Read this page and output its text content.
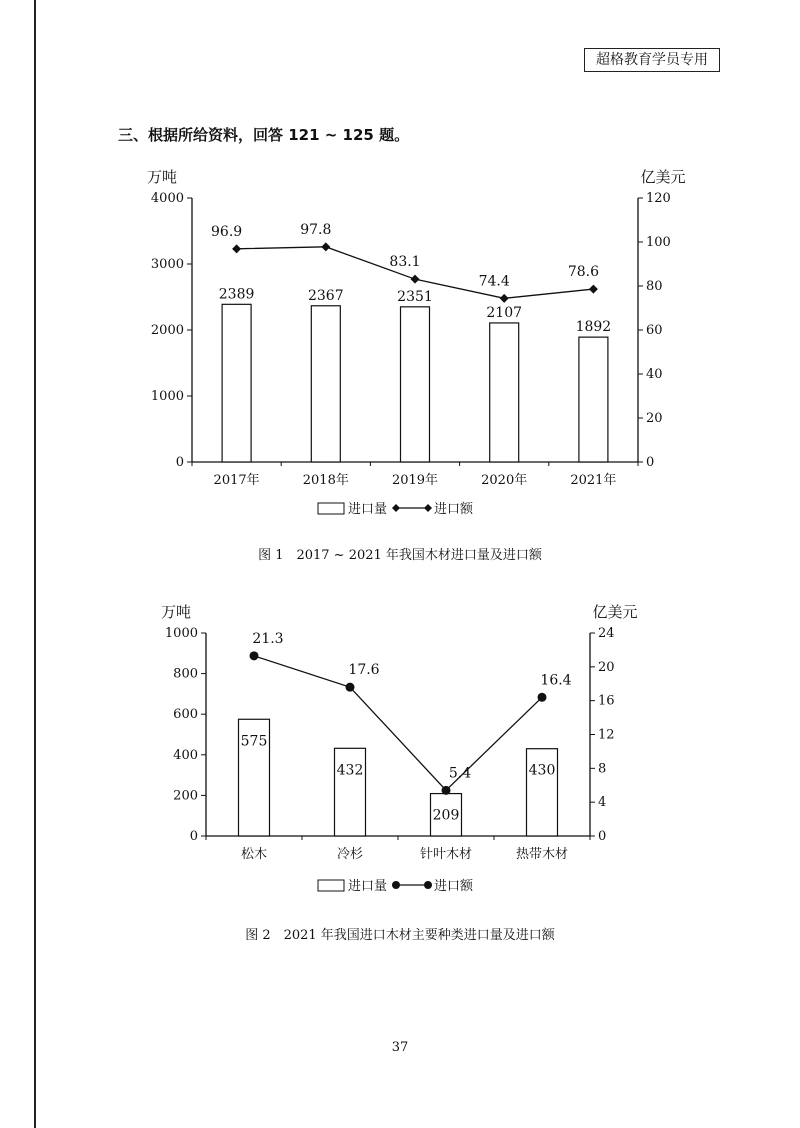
超格教育学员专用
三、根据所给资料，回答 121 ~ 125 题。
万吨	亿美元
0
1000
2000
3000
4000
0
20
40
60
80
100
120
2017年	2018年	2019年	2020年	2021年
2389	2367	2351
2107
1892
96.9	97.8
83.1
74.4
78.6
进口量	进口额
图 1　2017 ~ 2021 年我国木材进口量及进口额
万吨	亿美元
0
200
400
600
800
1000
0
4
8
12
16
20
24
松木	冷杉	针叶木材	热带木材
575
432
209
430
21.3
17.6
5.4
16.4
进口量	进口额
图 2　2021 年我国进口木材主要种类进口量及进口额
37
